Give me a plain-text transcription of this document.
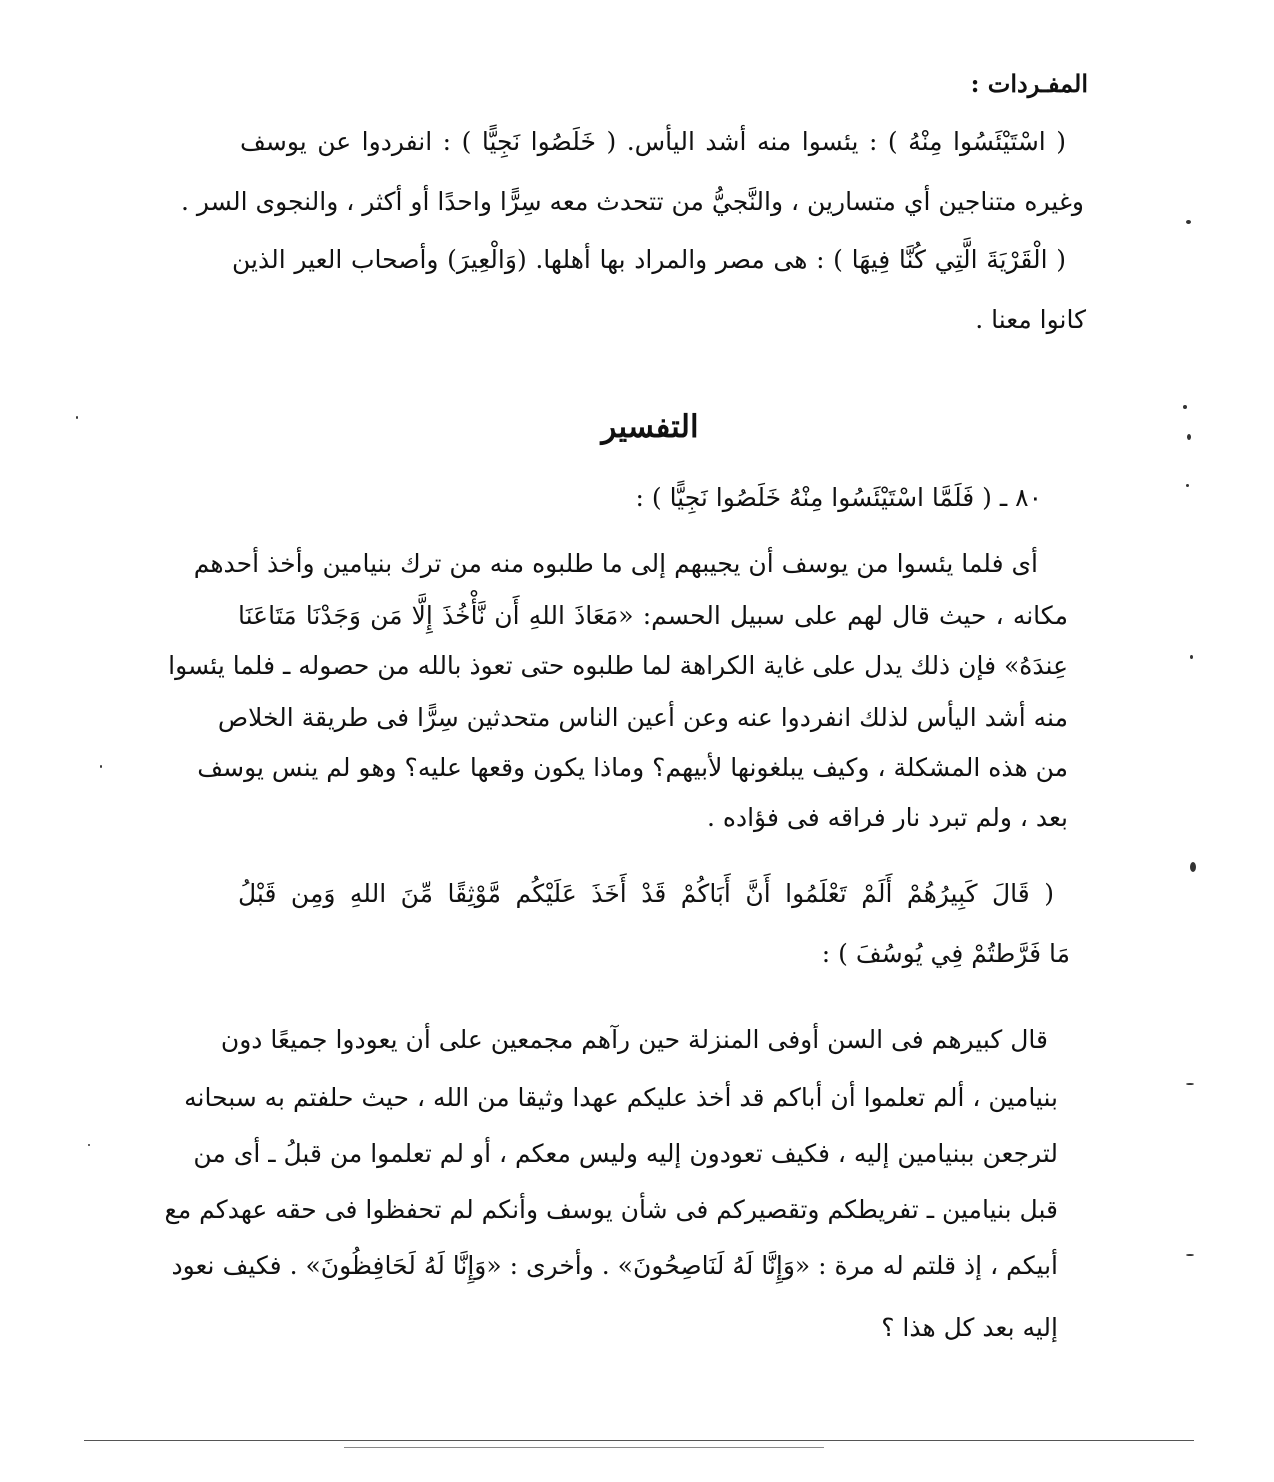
المفـردات :
( اسْتَيْئَسُوا مِنْهُ ) : يئسوا منه أشد اليأس. ( خَلَصُوا نَجِيًّا ) : انفردوا عن يوسف
وغيره متناجين أي متسارين ، والنَّجيُّ من تتحدث معه سِرًّا واحدًا أو أكثر ، والنجوى السر .
( الْقَرْيَةَ الَّتِي كُنَّا فِيهَا ) : هى مصر والمراد بها أهلها. (وَالْعِيرَ) وأصحاب العير الذين
كانوا معنا .
التفسير
٨٠ ـ ( فَلَمَّا اسْتَيْئَسُوا مِنْهُ خَلَصُوا نَجِيًّا ) :
أى فلما يئسوا من يوسف أن يجيبهم إلى ما طلبوه منه من ترك بنيامين وأخذ أحدهم
مكانه ، حيث قال لهم على سبيل الحسم: «مَعَاذَ اللهِ أَن نَّأْخُذَ إِلَّا مَن وَجَدْنَا مَتَاعَنَا
عِندَهُ» فإن ذلك يدل على غاية الكراهة لما طلبوه حتى تعوذ بالله من حصوله ـ فلما يئسوا
منه أشد اليأس لذلك انفردوا عنه وعن أعين الناس متحدثين سِرًّا فى طريقة الخلاص
من هذه المشكلة ، وكيف يبلغونها لأبيهم؟ وماذا يكون وقعها عليه؟ وهو لم ينس يوسف
بعد ، ولم تبرد نار فراقه فى فؤاده .
( قَالَ كَبِيرُهُمْ أَلَمْ تَعْلَمُوا أَنَّ أَبَاكُمْ قَدْ أَخَذَ عَلَيْكُم مَّوْثِقًا مِّنَ اللهِ وَمِن قَبْلُ
مَا فَرَّطتُمْ فِي يُوسُفَ ) :
قال كبيرهم فى السن أوفى المنزلة حين رآهم مجمعين على أن يعودوا جميعًا دون
بنيامين ، ألم تعلموا أن أباكم قد أخذ عليكم عهدا وثيقا من الله ، حيث حلفتم به سبحانه
لترجعن ببنيامين إليه ، فكيف تعودون إليه وليس معكم ، أو لم تعلموا من قبلُ ـ أى من
قبل بنيامين ـ تفريطكم وتقصيركم فى شأن يوسف وأنكم لم تحفظوا فى حقه عهدكم مع
أبيكم ، إذ قلتم له مرة : «وَإِنَّا لَهُ لَنَاصِحُونَ» . وأخرى : «وَإِنَّا لَهُ لَحَافِظُونَ» . فكيف نعود
إليه بعد كل هذا ؟
